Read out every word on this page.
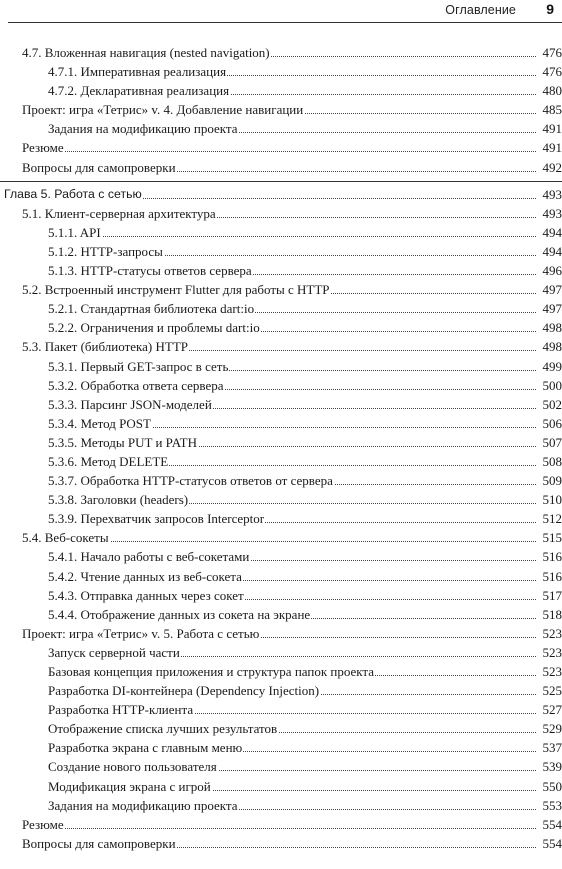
Оглавление 9
4.7. Вложенная навигация (nested navigation)	476
4.7.1. Императивная реализация	476
4.7.2. Декларативная реализация	480
Проект: игра «Тетрис» v. 4. Добавление навигации	485
Задания на модификацию проекта	491
Резюме	491
Вопросы для самопроверки	492
Глава 5. Работа с сетью	493
5.1. Клиент-серверная архитектура	493
5.1.1. API	494
5.1.2. HTTP-запросы	494
5.1.3. HTTP-статусы ответов сервера	496
5.2. Встроенный инструмент Flutter для работы с HTTP	497
5.2.1. Стандартная библиотека dart:io	497
5.2.2. Ограничения и проблемы dart:io	498
5.3. Пакет (библиотека) HTTP	498
5.3.1. Первый GET-запрос в сеть	499
5.3.2. Обработка ответа сервера	500
5.3.3. Парсинг JSON-моделей	502
5.3.4. Метод POST	506
5.3.5. Методы PUT и PATH	507
5.3.6. Метод DELETE	508
5.3.7. Обработка HTTP-статусов ответов от сервера	509
5.3.8. Заголовки (headers)	510
5.3.9. Перехватчик запросов Interceptor	512
5.4. Веб-сокеты	515
5.4.1. Начало работы с веб-сокетами	516
5.4.2. Чтение данных из веб-сокета	516
5.4.3. Отправка данных через сокет	517
5.4.4. Отображение данных из сокета на экране	518
Проект: игра «Тетрис» v. 5. Работа с сетью	523
Запуск серверной части	523
Базовая концепция приложения и структура папок проекта	523
Разработка DI-контейнера (Dependency Injection)	525
Разработка HTTP-клиента	527
Отображение списка лучших результатов	529
Разработка экрана с главным меню	537
Создание нового пользователя	539
Модификация экрана с игрой	550
Задания на модификацию проекта	553
Резюме	554
Вопросы для самопроверки	554
